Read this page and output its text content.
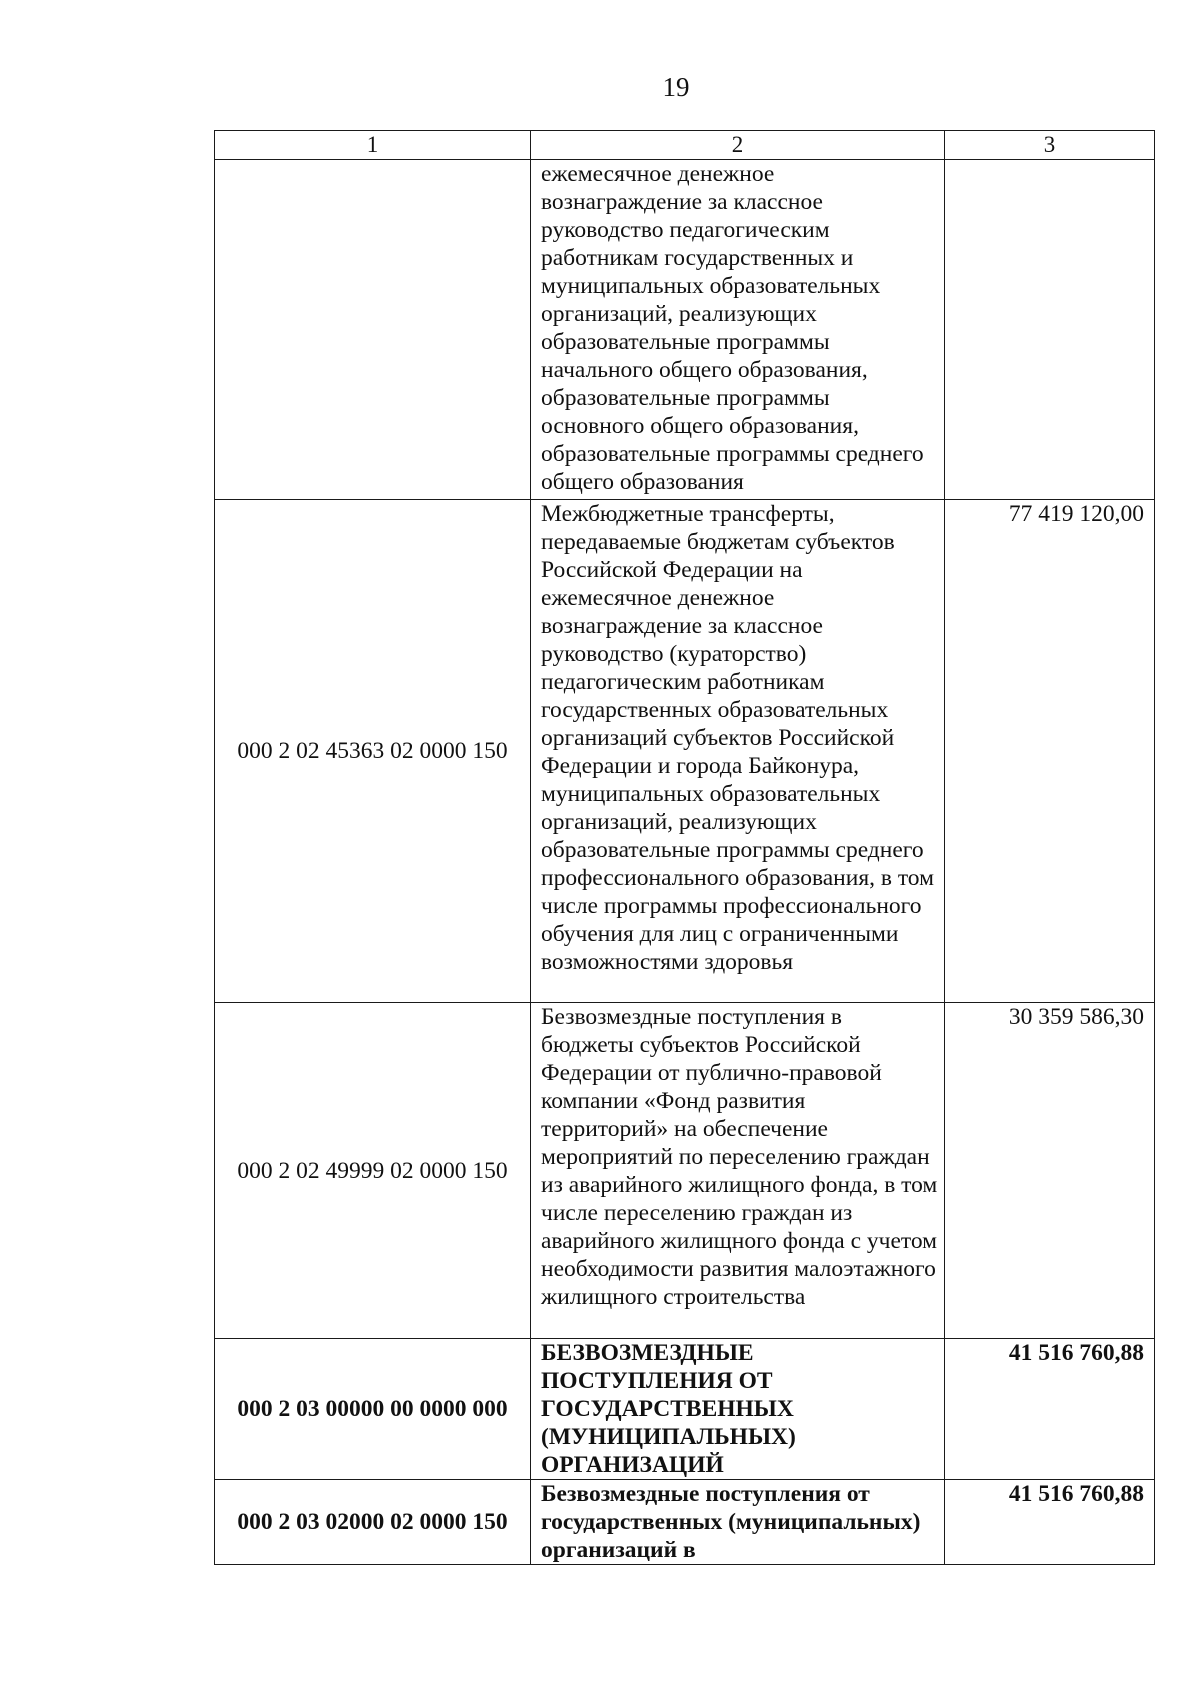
19
1	2	3
	ежемесячное денежное вознаграждение за классное руководство педагогическим работникам государственных и муниципальных образовательных организаций, реализующих образовательные программы начального общего образования, образовательные программы основного общего образования, образовательные программы среднего общего образования	
000 2 02 45363 02 0000 150	Межбюджетные трансферты, передаваемые бюджетам субъектов Российской Федерации на ежемесячное денежное вознаграждение за классное руководство (кураторство) педагогическим работникам государственных образовательных организаций субъектов Российской Федерации и города Байконура, муниципальных образовательных организаций, реализующих образовательные программы среднего профессионального образования, в том числе программы профессионального обучения для лиц с ограниченными возможностями здоровья	77 419 120,00
000 2 02 49999 02 0000 150	Безвозмездные поступления в бюджеты субъектов Российской Федерации от публично-правовой компании «Фонд развития территорий» на обеспечение мероприятий по переселению граждан из аварийного жилищного фонда, в том числе переселению граждан из аварийного жилищного фонда с учетом необходимости развития малоэтажного жилищного строительства	30 359 586,30
000 2 03 00000 00 0000 000	БЕЗВОЗМЕЗДНЫЕ ПОСТУПЛЕНИЯ ОТ ГОСУДАРСТВЕННЫХ (МУНИЦИПАЛЬНЫХ) ОРГАНИЗАЦИЙ	41 516 760,88
000 2 03 02000 02 0000 150	Безвозмездные поступления от государственных (муниципальных) организаций в	41 516 760,88
